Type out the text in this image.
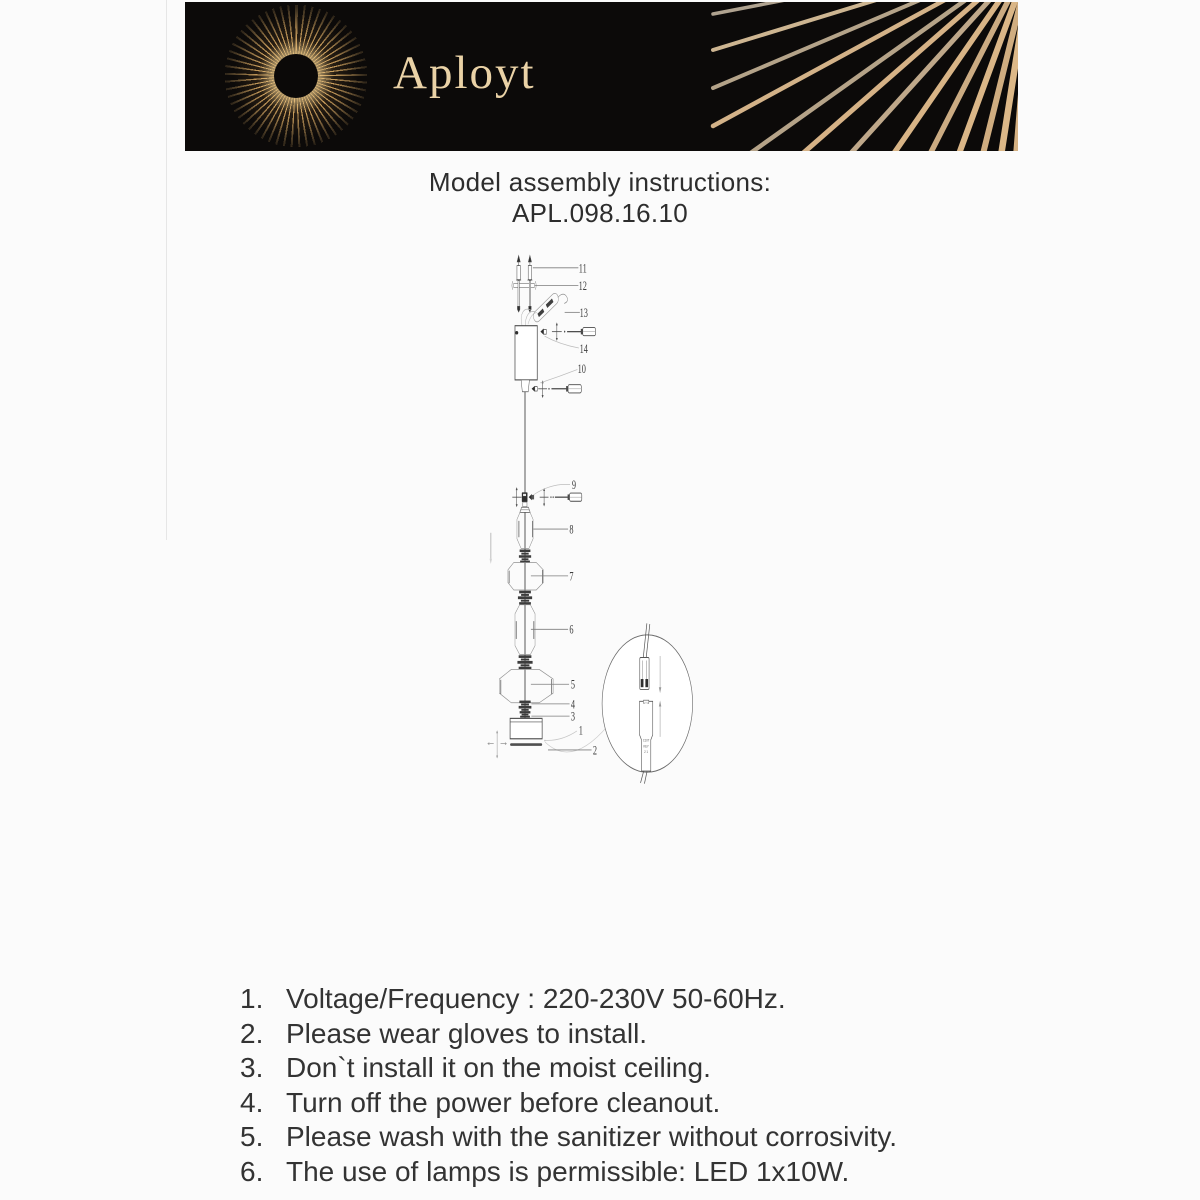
Aployt
Model assembly instructions:
APL.098.16.10
C10T
KEY
2 1
11
12
13
14
10
9
8
7
6
5
4
3
1
2
1. Voltage/Frequency : 220-230V 50-60Hz.
2. Please wear gloves to install.
3. Don`t install it on the moist ceiling.
4. Turn off the power before cleanout.
5. Please wash with the sanitizer without corrosivity.
6. The use of lamps is permissible: LED 1x10W.
